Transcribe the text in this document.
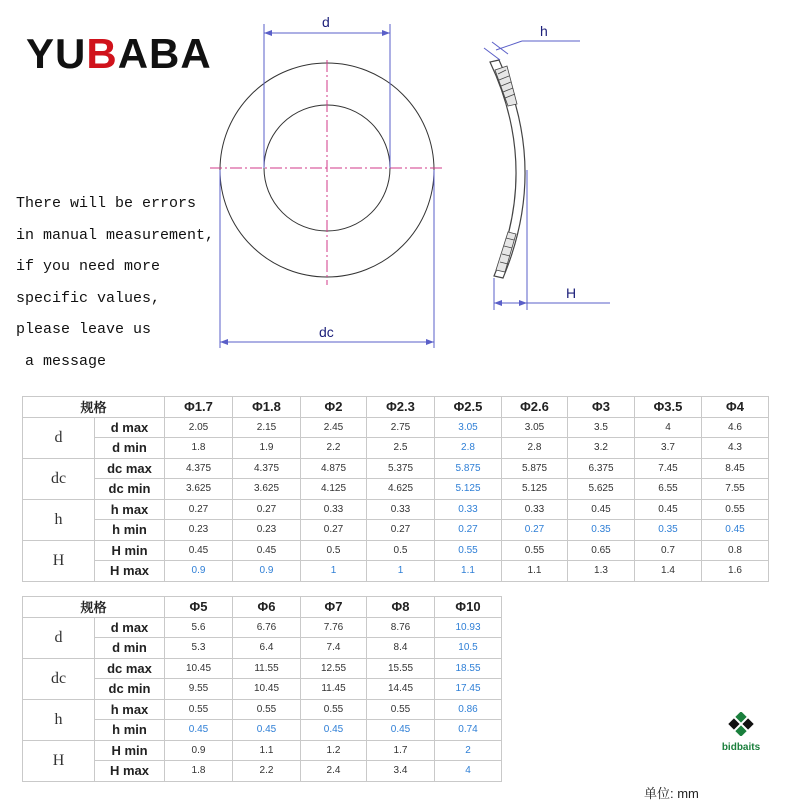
YUBABA
There will be errors
in manual measurement,
if you need more
specific values,
please leave us
a message
d
dc
h
H
规格		Φ1.7	Φ1.8	Φ2	Φ2.3	Φ2.5	Φ2.6	Φ3	Φ3.5	Φ4
d	d max	2.05	2.15	2.45	2.75	3.05	3.05	3.5	4	4.6
	d min	1.8	1.9	2.2	2.5	2.8	2.8	3.2	3.7	4.3
dc	dc max	4.375	4.375	4.875	5.375	5.875	5.875	6.375	7.45	8.45
	dc min	3.625	3.625	4.125	4.625	5.125	5.125	5.625	6.55	7.55
h	h max	0.27	0.27	0.33	0.33	0.33	0.33	0.45	0.45	0.55
	h min	0.23	0.23	0.27	0.27	0.27	0.27	0.35	0.35	0.45
H	H min	0.45	0.45	0.5	0.5	0.55	0.55	0.65	0.7	0.8
	H max	0.9	0.9	1	1	1.1	1.1	1.3	1.4	1.6
规格		Φ5	Φ6	Φ7	Φ8	Φ10
d	d max	5.6	6.76	7.76	8.76	10.93
	d min	5.3	6.4	7.4	8.4	10.5
dc	dc max	10.45	11.55	12.55	15.55	18.55
	dc min	9.55	10.45	11.45	14.45	17.45
h	h max	0.55	0.55	0.55	0.55	0.86
	h min	0.45	0.45	0.45	0.45	0.74
H	H min	0.9	1.1	1.2	1.7	2
	H max	1.8	2.2	2.4	3.4	4
bidbaits
单位: mm
